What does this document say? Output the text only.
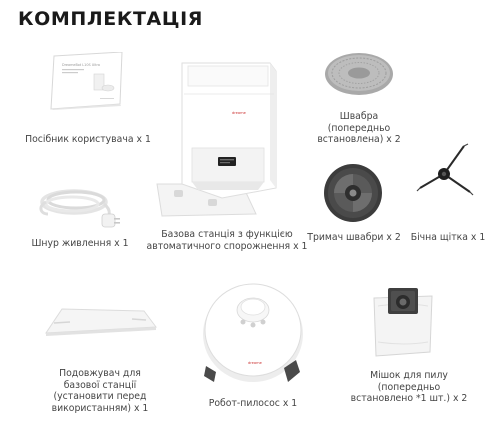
КОМПЛЕКТАЦІЯ
DreameBot L10S Ultra
Посібник користувача х 1
dreame
Базова станція з функцією
автоматичного спорожнення х 1
Швабра
(попередньо
встановлена) х 2
Шнур живлення х 1
Тримач швабри х 2	Бічна щітка х 1
Подовжувач для
базової станції
(установити перед
використанням) х 1
dreame
Робот-пилосос х 1
Мішок для пилу
(попередньо
встановлено *1 шт.) х 2
